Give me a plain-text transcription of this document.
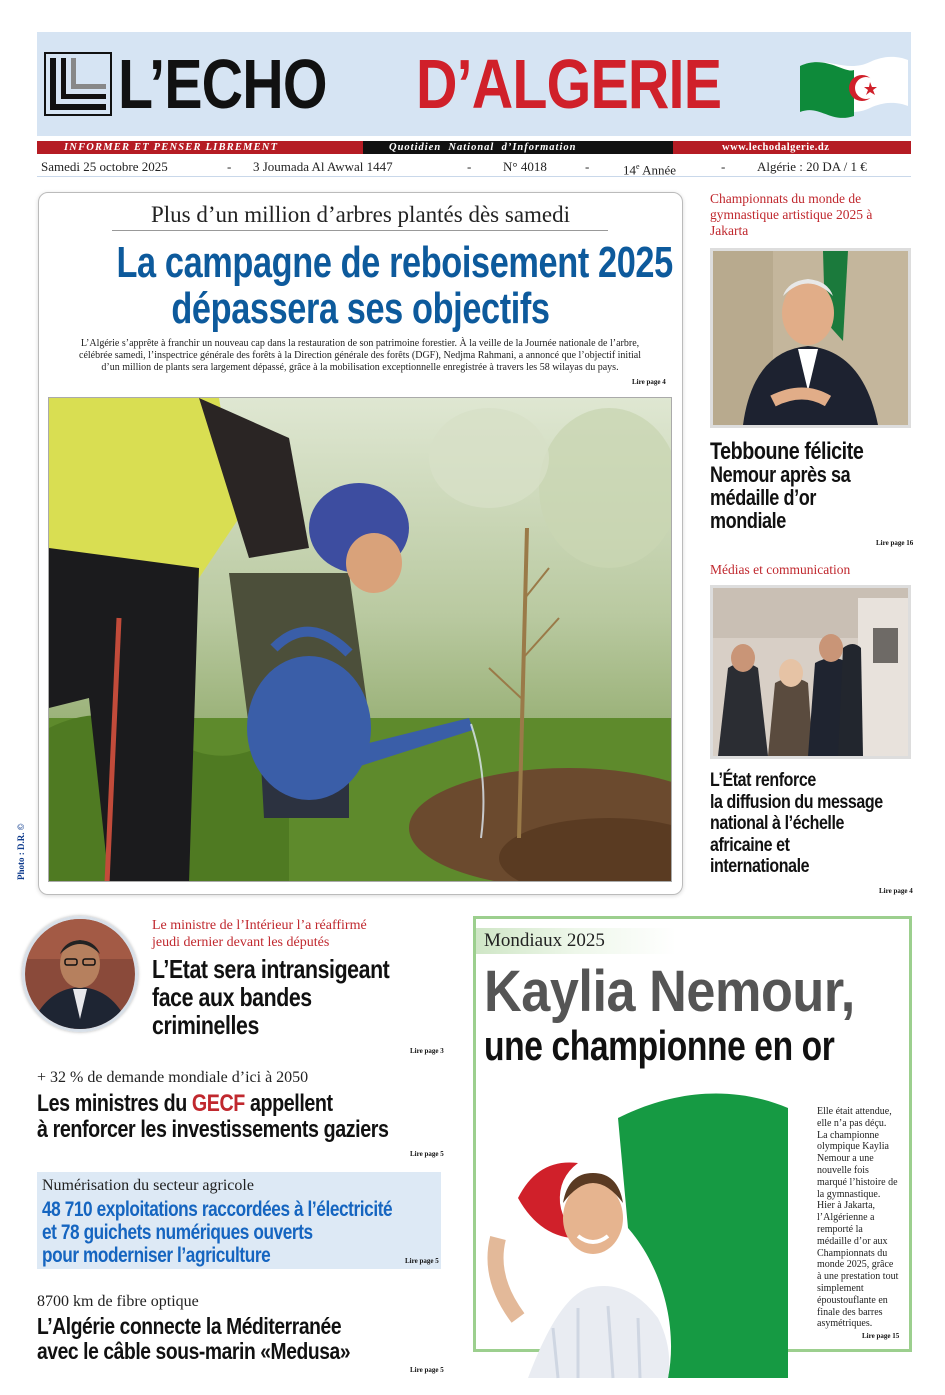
L’ECHO D’ALGERIE
INFORMER ET PENSER LIBREMENT	Quotidien  National  d’Information	www.lechodalgerie.dz
Samedi 25 octobre 2025	- 3 Joumada Al Awwal 1447	- N° 4018	-	14e Année	- Algérie : 20 DA / 1 €
Plus d’un million d’arbres plantés dès samedi
La campagne de reboisement 2025
dépassera ses objectifs
L’Algérie s’apprête à franchir un nouveau cap dans la restauration de son patrimoine forestier. À la veille de la Journée nationale de l’arbre, célébrée samedi, l’inspectrice générale des forêts à la Direction générale des forêts (DGF), Nedjma Rahmani, a annoncé que l’objectif initial d’un million de plants sera largement dépassé, grâce à la mobilisation exceptionnelle enregistrée à travers les 58 wilayas du pays.
Lire page 4
Photo : D.R. ©
Championnats du monde de gymnastique artistique 2025 à Jakarta
Tebboune félicite
Nemour après sa
médaille d’or
mondiale
Lire page 16
Médias et communication
L’État renforce
la diffusion du message
national à l’échelle
africaine et
internationale
Lire page 4
Le ministre de l’Intérieur l’a réaffirmé
jeudi dernier devant les députés
L’Etat sera intransigeant
face aux bandes
criminelles
Lire page 3
+ 32 % de demande mondiale d’ici à 2050
Les ministres du GECF appellent
à renforcer les investissements gaziers
Lire page 5
Numérisation du secteur agricole
48 710 exploitations raccordées à l’électricité
et 78 guichets numériques ouverts
pour moderniser l’agriculture	Lire page 5
8700 km de fibre optique
L’Algérie connecte la Méditerranée
avec le câble sous-marin «Medusa»
Lire page 5
Mondiaux 2025
Kaylia Nemour,
une championne en or
Elle était attendue, elle n’a pas déçu. La championne olympique Kaylia Nemour a une nouvelle fois marqué l’histoire de la gymnastique. Hier à Jakarta, l’Algérienne a remporté la médaille d’or aux Championnats du monde 2025, grâce à une prestation tout simplement époustouflante en finale des barres asymétriques.
Lire page 15
